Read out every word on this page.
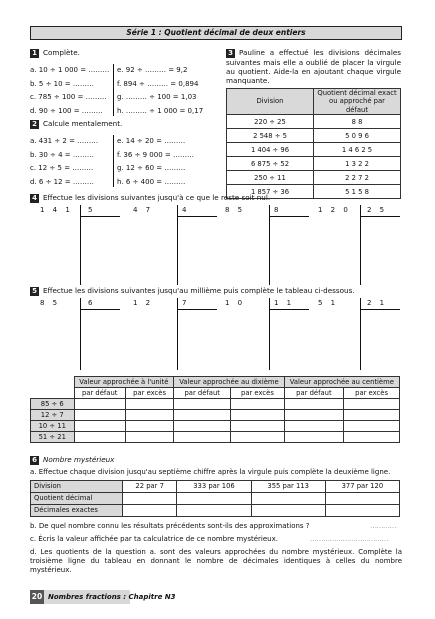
Série 1 : Quotient décimal de deux entiers
1 Complète.
a. 10 ÷ 1 000 = ………
b. 5 ÷ 10 = ………
c. 785 ÷ 100 = ………
d. 90 ÷ 100 = ………
e. 92 ÷ ……… = 9,2
f. 894 ÷ ……… = 0,894
g. ……… ÷ 100 = 1,03
h. ……… ÷ 1 000 = 0,17
2 Calcule mentalement.
a. 431 ÷ 2 = ………
b. 30 ÷ 4 = ………
c. 12 ÷ 5 = ………
d. 6 ÷ 12 = ………
e. 14 ÷ 20 = ………
f. 36 ÷ 9 000 = ………
g. 12 ÷ 60 = ………
h. 6 ÷ 400 = ………
3 Pauline a effectué les divisions décimales suivantes mais elle a oublié de placer la virgule au quotient. Aide-la en ajoutant chaque virgule manquante.
Division	Quotient décimal exact ou approché par défaut
220 ÷ 25	8 8
2 548 ÷ 5	5 0 9 6
1 404 ÷ 96	1 4 6 2 5
6 875 ÷ 52	1 3 2 2
250 ÷ 11	2 2 7 2
1 857 ÷ 36	5 1 5 8
4 Effectue les divisions suivantes jusqu'à ce que le reste soit nul.
1 4 1 5	4 7	4	8 5	8	1 2 0 2 5
5 Effectue les divisions suivantes jusqu'au millième puis complète le tableau ci-dessous.
8 5	6	1 2	7	1 0	1 1	5 1	2 1
	Valeur approchée à l'unité		Valeur approchée au dixième		Valeur approchée au centième	
	par défaut	par excès	par défaut	par excès	par défaut	par excès
85 ÷ 6						
12 ÷ 7						
10 ÷ 11						
51 ÷ 21						
6 Nombre mystérieux
a. Effectue chaque division jusqu'au septième chiffre après la virgule puis complète la deuxième ligne.
Division	22 par 7	333 par 106	355 par 113	377 par 120
Quotient décimal				
Décimales exactes				
b. De quel nombre connu les résultats précédents sont-ils des approximations ?	…………
c. Écris la valeur affichée par ta calculatrice de ce nombre mystérieux.	………………………………
d. Les quotients de la question a. sont des valeurs approchées du nombre mystérieux. Complète la troisième ligne du tableau en donnant le nombre de décimales identiques à celles du nombre mystérieux.
20 Nombres fractions : Chapitre N3
